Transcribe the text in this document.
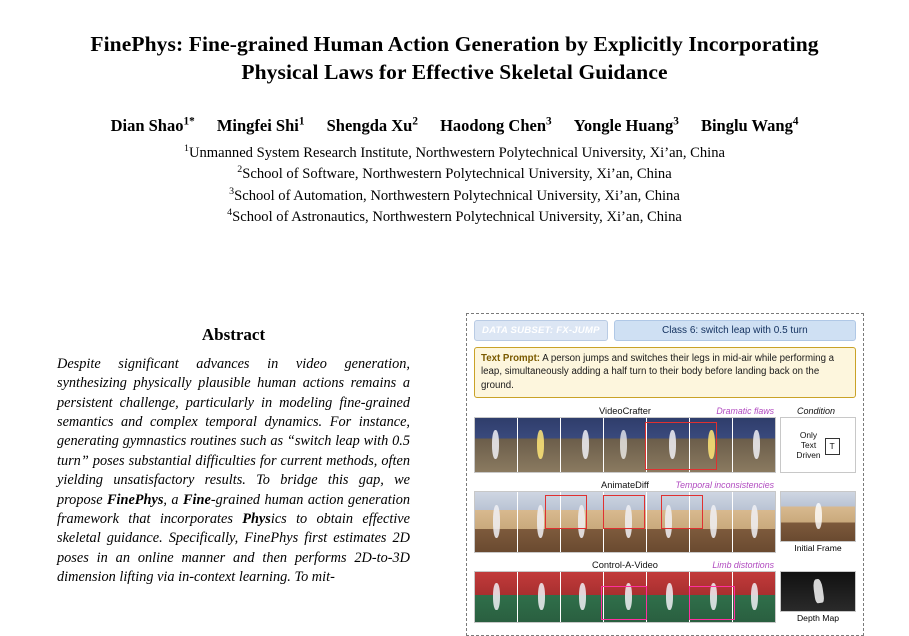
FinePhys: Fine-grained Human Action Generation by Explicitly Incorporating Physical Laws for Effective Skeletal Guidance
Dian Shao$^{1*}$ Mingfei Shi$^1$ Shengda Xu$^2$ Haodong Chen$^3$ Yongle Huang$^3$ Binglu Wang$^4$
$^1$Unmanned System Research Institute, Northwestern Polytechnical University, Xi’an, China
$^2$School of Software, Northwestern Polytechnical University, Xi’an, China
$^3$School of Automation, Northwestern Polytechnical University, Xi’an, China
$^4$School of Astronautics, Northwestern Polytechnical University, Xi’an, China
Abstract
Despite significant advances in video generation, synthesizing physically plausible human actions remains a persistent challenge, particularly in modeling fine-grained semantics and complex temporal dynamics. For instance, generating gymnastics routines such as “switch leap with 0.5 turn” poses substantial difficulties for current methods, often yielding unsatisfactory results. To bridge this gap, we propose FinePhys, a Fine-grained human action generation framework that incorporates Physics to obtain effective skeletal guidance. Specifically, FinePhys first estimates 2D poses in an online manner and then performs 2D-to-3D dimension lifting via in-context learning. To mit-
DATA SUBSET: FX-JUMP	Class 6: switch leap with 0.5 turn
Text Prompt: A person jumps and switches their legs in mid-air while performing a leap, simultaneously adding a half turn to their body before landing back on the ground.
VideoCrafter	Dramatic flaws	Condition
Only
Text
Driven
T
AnimateDiff	Temporal inconsistencies
Initial Frame
Control-A-Video	Limb distortions
Depth Map
